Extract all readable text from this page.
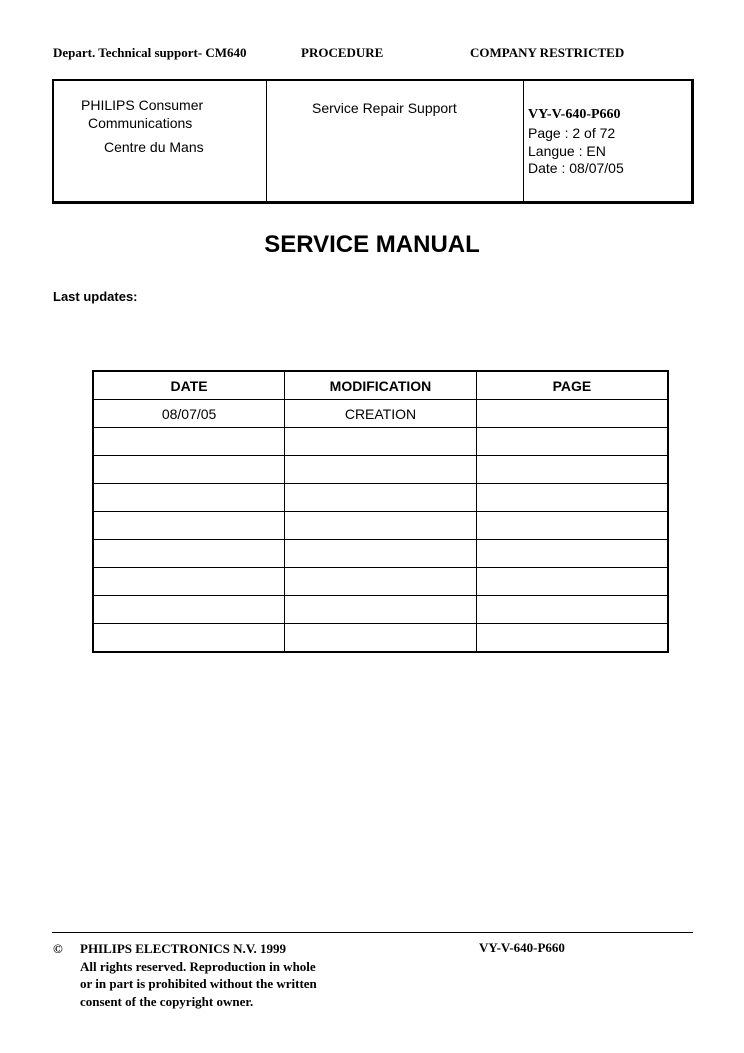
Depart. Technical support- CM640	PROCEDURE	COMPANY RESTRICTED
PHILIPS Consumer
Communications
Centre du Mans
Service Repair Support	VY-V-640-P660
Page : 2 of 72
Langue : EN
Date : 08/07/05
SERVICE MANUAL
Last updates:
DATE	MODIFICATION	PAGE
08/07/05	CREATION	

© PHILIPS ELECTRONICS N.V. 1999
All rights reserved. Reproduction in whole
or in part is prohibited without the written
consent of the copyright owner.
VY-V-640-P660
